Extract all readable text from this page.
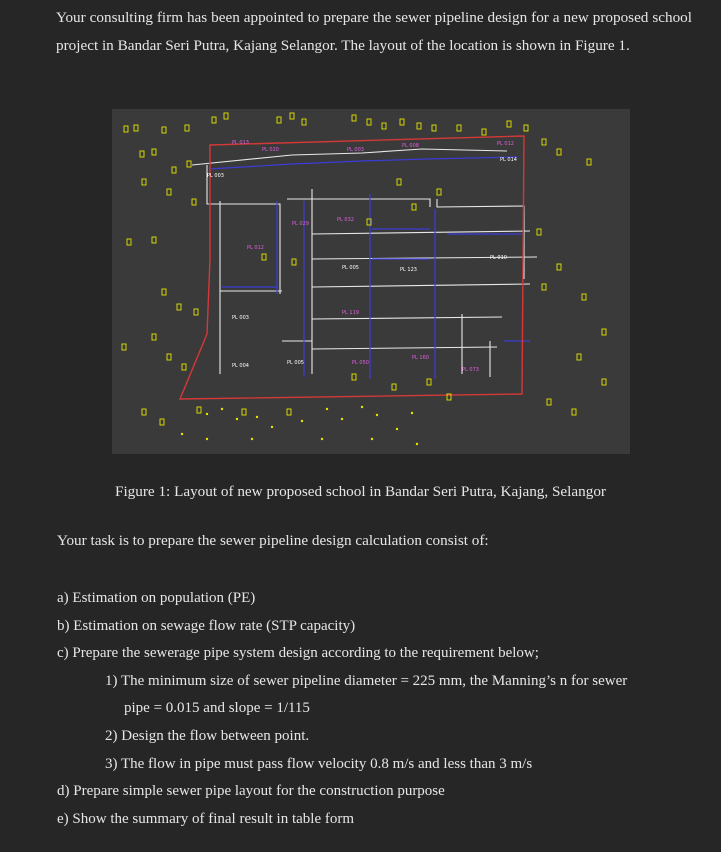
Your consulting firm has been appointed to prepare the sewer pipeline design for a new proposed school project in Bandar Seri Putra, Kajang Selangor. The layout of the location is shown in Figure 1.
PL 013
PL 020	PL 003
PL 008	PL 012
PL 012
PL 029
PL 032
PL 119
PL 050
PL 160
PL 073
PL 003
PL 003
PL 005	PL 123
PL 004	PL 005
PL 014
PL 010
Figure 1: Layout of new proposed school in Bandar Seri Putra, Kajang, Selangor
Your task is to prepare the sewer pipeline design calculation consist of:
a) Estimation on population (PE)
b) Estimation on sewage flow rate (STP capacity)
c) Prepare the sewerage pipe system design according to the requirement below;
1) The minimum size of sewer pipeline diameter = 225 mm, the Manning’s n for sewer
pipe = 0.015 and slope = 1/115
2) Design the flow between point.
3) The flow in pipe must pass flow velocity 0.8 m/s and less than 3 m/s
d) Prepare simple sewer pipe layout for the construction purpose
e) Show the summary of final result in table form
